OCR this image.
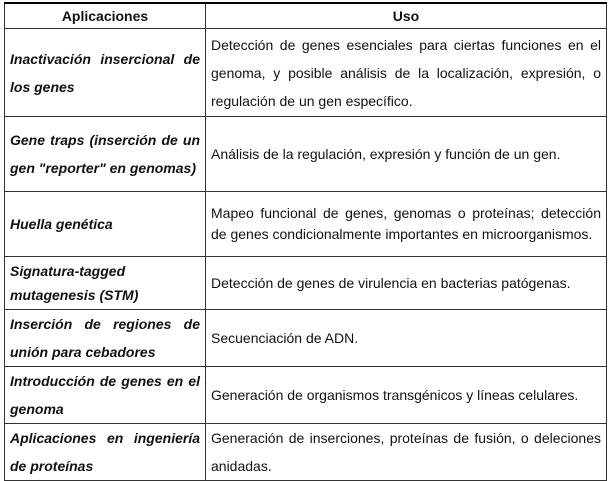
Aplicaciones	Uso
Inactivación insercional de los genes	Detección de genes esenciales para ciertas funciones en el genoma, y posible análisis de la localización, expresión, o regulación de un gen específico.
Gene traps (inserción de un gen "reporter" en genomas)	Análisis de la regulación, expresión y función de un gen.
Huella genética	Mapeo funcional de genes, genomas o proteínas; detección de genes condicionalmente importantes en microorganismos.
Signatura-tagged mutagenesis (STM)	Detección de genes de virulencia en bacterias patógenas.
Inserción de regiones de unión para cebadores	Secuenciación de ADN.
Introducción de genes en el genoma	Generación de organismos transgénicos y líneas celulares.
Aplicaciones en ingeniería de proteínas	Generación de inserciones, proteínas de fusión, o deleciones anidadas.
